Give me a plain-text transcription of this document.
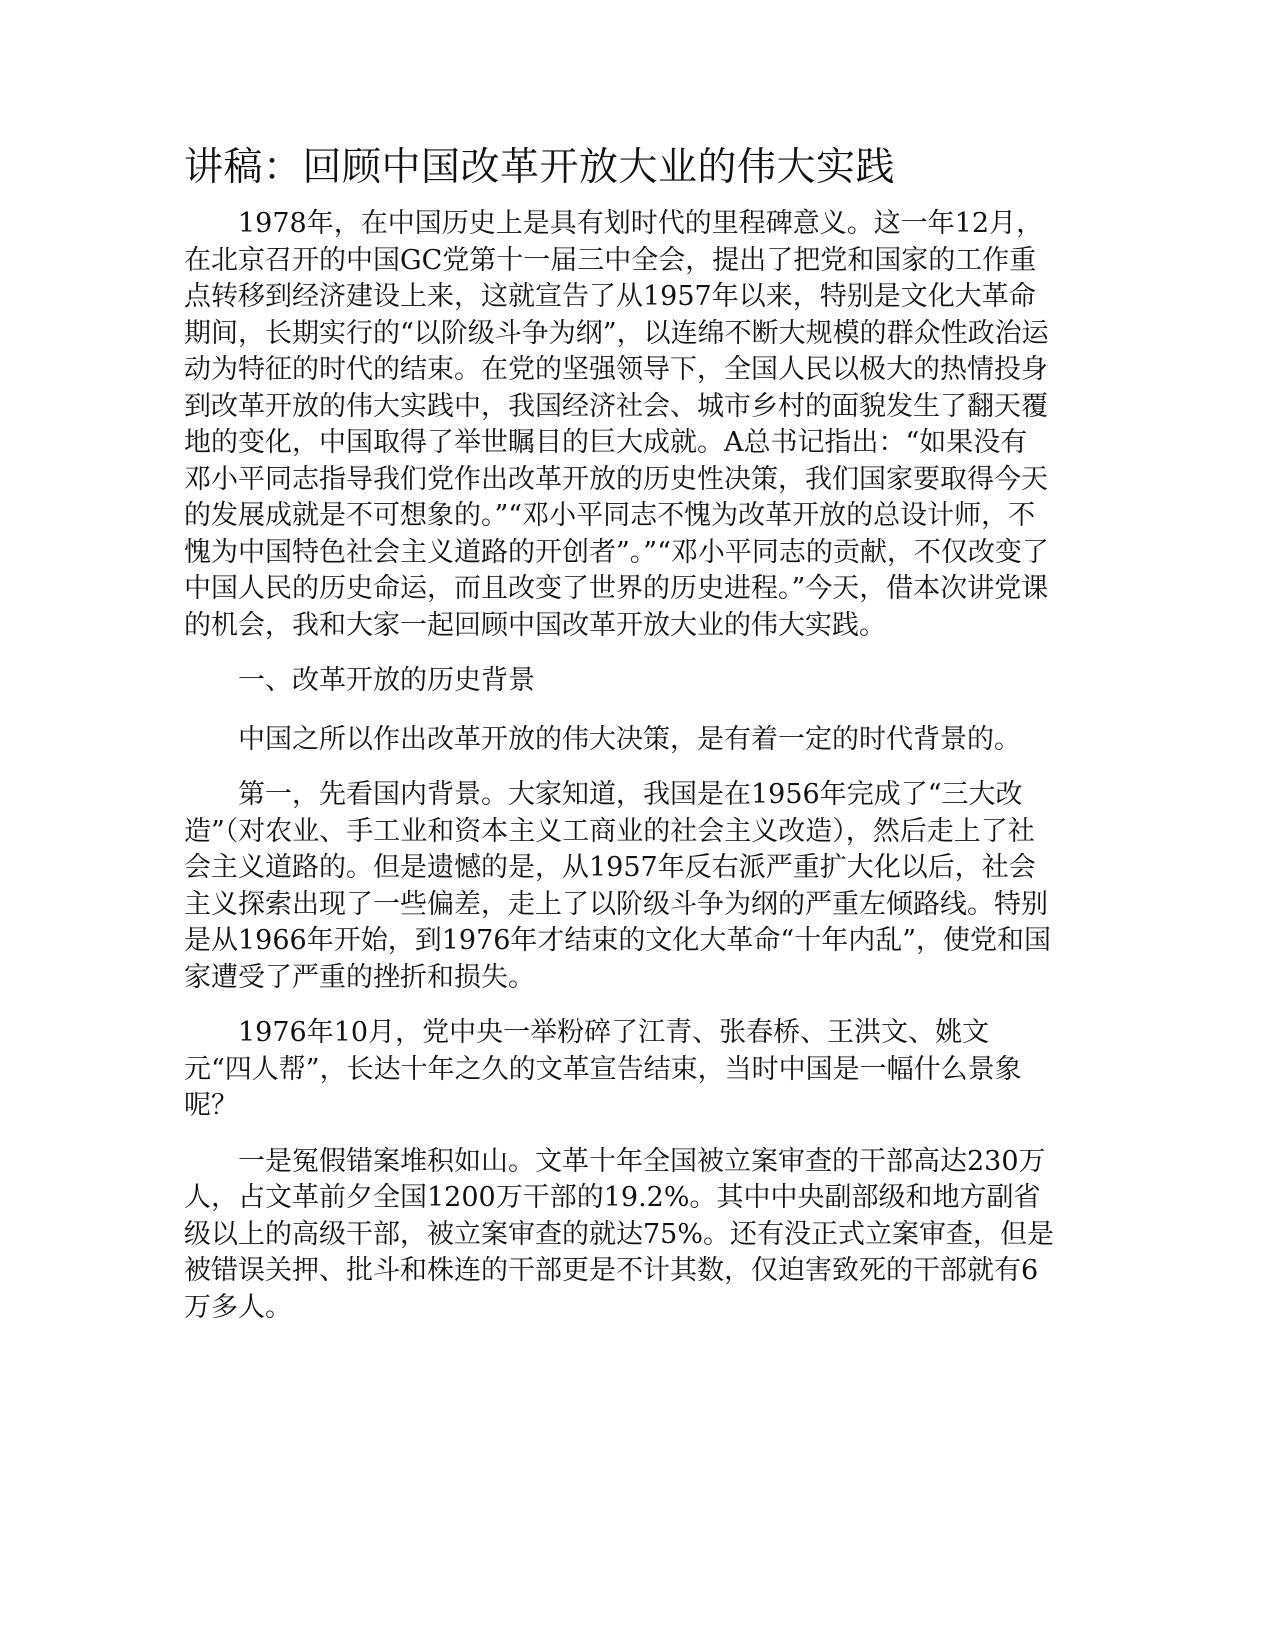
讲稿：回顾中国改革开放大业的伟大实践

1978年，在中国历史上是具有划时代的里程碑意义。这一年12月，在北京召开的中国GC党第十一届三中全会，提出了把党和国家的工作重点转移到经济建设上来，这就宣告了从1957年以来，特别是文化大革命期间，长期实行的“以阶级斗争为纲”，以连绵不断大规模的群众性政治运动为特征的时代的结束。在党的坚强领导下，全国人民以极大的热情投身到改革开放的伟大实践中，我国经济社会、城市乡村的面貌发生了翻天覆地的变化，中国取得了举世瞩目的巨大成就。A总书记指出：“如果没有邓小平同志指导我们党作出改革开放的历史性决策，我们国家要取得今天的发展成就是不可想象的。”“邓小平同志不愧为改革开放的总设计师，不愧为中国特色社会主义道路的开创者”。”“邓小平同志的贡献，不仅改变了中国人民的历史命运，而且改变了世界的历史进程。”今天，借本次讲党课的机会，我和大家一起回顾中国改革开放大业的伟大实践。

一、改革开放的历史背景

中国之所以作出改革开放的伟大决策，是有着一定的时代背景的。

第一，先看国内背景。大家知道，我国是在1956年完成了“三大改造”（对农业、手工业和资本主义工商业的社会主义改造），然后走上了社会主义道路的。但是遗憾的是，从1957年反右派严重扩大化以后，社会主义探索出现了一些偏差，走上了以阶级斗争为纲的严重左倾路线。特别是从1966年开始，到1976年才结束的文化大革命“十年内乱”，使党和国家遭受了严重的挫折和损失。

1976年10月，党中央一举粉碎了江青、张春桥、王洪文、姚文元“四人帮”，长达十年之久的文革宣告结束，当时中国是一幅什么景象呢？

一是冤假错案堆积如山。文革十年全国被立案审查的干部高达230万人，占文革前夕全国1200万干部的19.2%。其中中央副部级和地方副省级以上的高级干部，被立案审查的就达75%。还有没正式立案审查，但是被错误关押、批斗和株连的干部更是不计其数，仅迫害致死的干部就有6万多人。
